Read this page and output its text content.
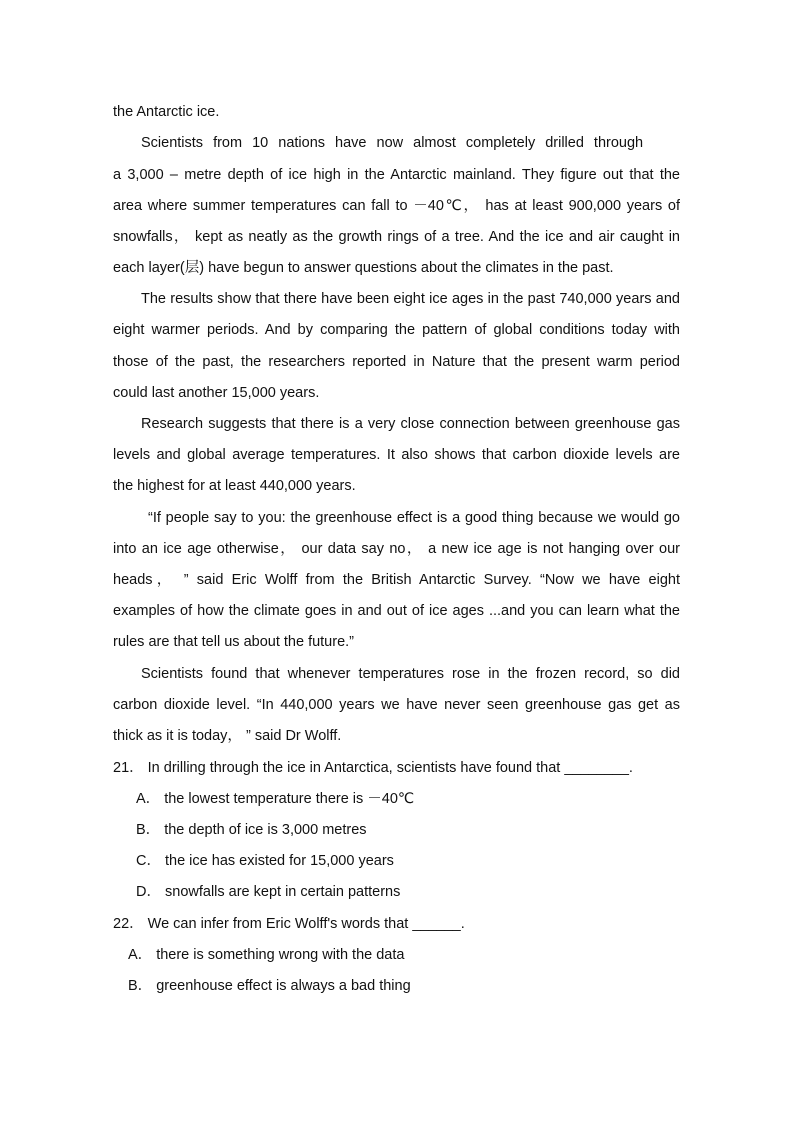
the Antarctic ice.
Scientists from 10 nations have now almost completely drilled through
a 3,000 – metre depth of ice high in the Antarctic mainland. They figure out that the
area where summer temperatures can fall to －40℃， has at least 900,000 years of
snowfalls， kept as neatly as the growth rings of a tree. And the ice and air caught in
each layer(层) have begun to answer questions about the climates in the past.
The results show that there have been eight ice ages in the past 740,000 years and
eight warmer periods. And by comparing the pattern of global conditions today with
those of the past, the researchers reported in Nature that the present warm period
could last another 15,000 years.
Research suggests that there is a very close connection between greenhouse gas
levels and global average temperatures. It also shows that carbon dioxide levels are
the highest for at least 440,000 years.
“If people say to you: the greenhouse effect is a good thing because we would go
into an ice age otherwise， our data say no， a new ice age is not hanging over our
heads， ” said Eric Wolff from the British Antarctic Survey. “Now we have eight
examples of how the climate goes in and out of ice ages ...and you can learn what the
rules are that tell us about the future.”
Scientists found that whenever temperatures rose in the frozen record, so did
carbon dioxide level. “In 440,000 years we have never seen greenhouse gas get as
thick as it is today， ” said Dr Wolff.
21． In drilling through the ice in Antarctica, scientists have found that ________.
A． the lowest temperature there is －40℃
B． the depth of ice is 3,000 metres
C． the ice has existed for 15,000 years
D． snowfalls are kept in certain patterns
22． We can infer from Eric Wolff's words that ______.
A． there is something wrong with the data
B． greenhouse effect is always a bad thing
